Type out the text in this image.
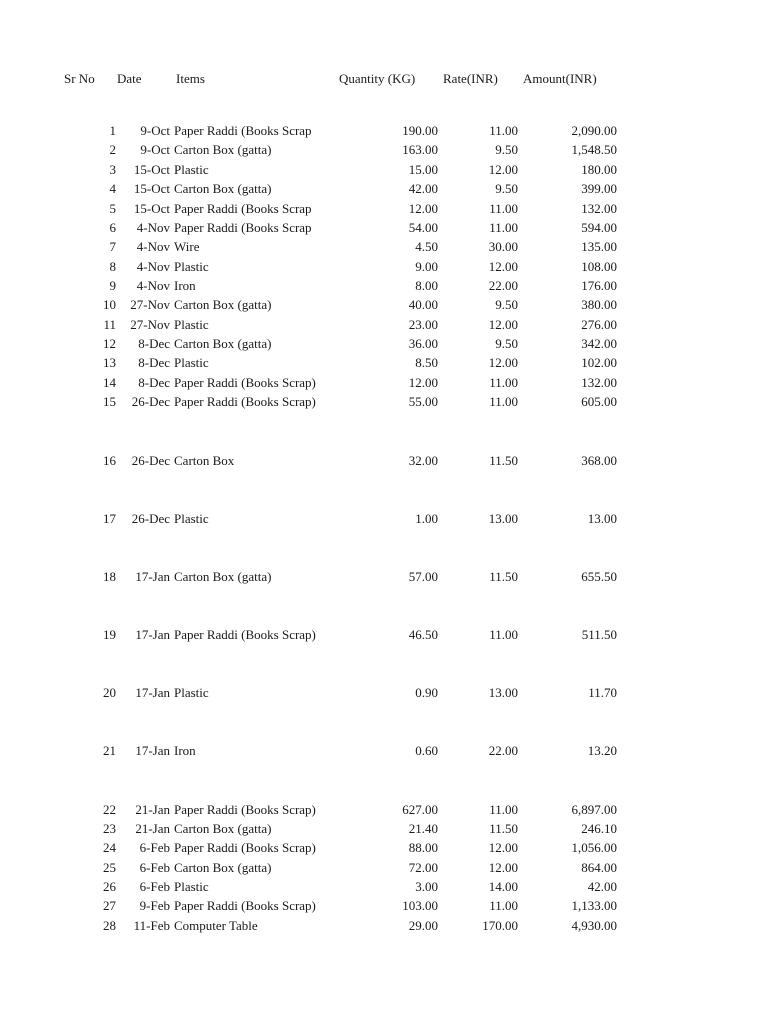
Sr No Date	Items	Quantity (KG) Rate(INR) Amount(INR)
1 9-Oct Paper Raddi (Books Scrap	190.00	11.00	2,090.00
2 9-Oct Carton Box (gatta)	163.00	9.50	1,548.50
3 15-Oct Plastic	15.00	12.00	180.00
4 15-Oct Carton Box (gatta)	42.00	9.50	399.00
5 15-Oct Paper Raddi (Books Scrap	12.00	11.00	132.00
6 4-Nov Paper Raddi (Books Scrap	54.00	11.00	594.00
7 4-Nov Wire	4.50	30.00	135.00
8 4-Nov Plastic	9.00	12.00	108.00
9 4-Nov Iron	8.00	22.00	176.00
10 27-Nov Carton Box (gatta)	40.00	9.50	380.00
11 27-Nov Plastic	23.00	12.00	276.00
12 8-Dec Carton Box (gatta)	36.00	9.50	342.00
13 8-Dec Plastic	8.50	12.00	102.00
14 8-Dec Paper Raddi (Books Scrap)	12.00	11.00	132.00
15 26-Dec Paper Raddi (Books Scrap)	55.00	11.00	605.00
16 26-Dec Carton Box	32.00	11.50	368.00
17 26-Dec Plastic	1.00	13.00	13.00
18 17-Jan Carton Box (gatta)	57.00	11.50	655.50
19 17-Jan Paper Raddi (Books Scrap)	46.50	11.00	511.50
20 17-Jan Plastic	0.90	13.00	11.70
21 17-Jan Iron	0.60	22.00	13.20
22 21-Jan Paper Raddi (Books Scrap)	627.00	11.00	6,897.00
23 21-Jan Carton Box (gatta)	21.40	11.50	246.10
24 6-Feb Paper Raddi (Books Scrap)	88.00	12.00	1,056.00
25 6-Feb Carton Box (gatta)	72.00	12.00	864.00
26 6-Feb Plastic	3.00	14.00	42.00
27 9-Feb Paper Raddi (Books Scrap)	103.00	11.00	1,133.00
28 11-Feb Computer Table	29.00	170.00	4,930.00
